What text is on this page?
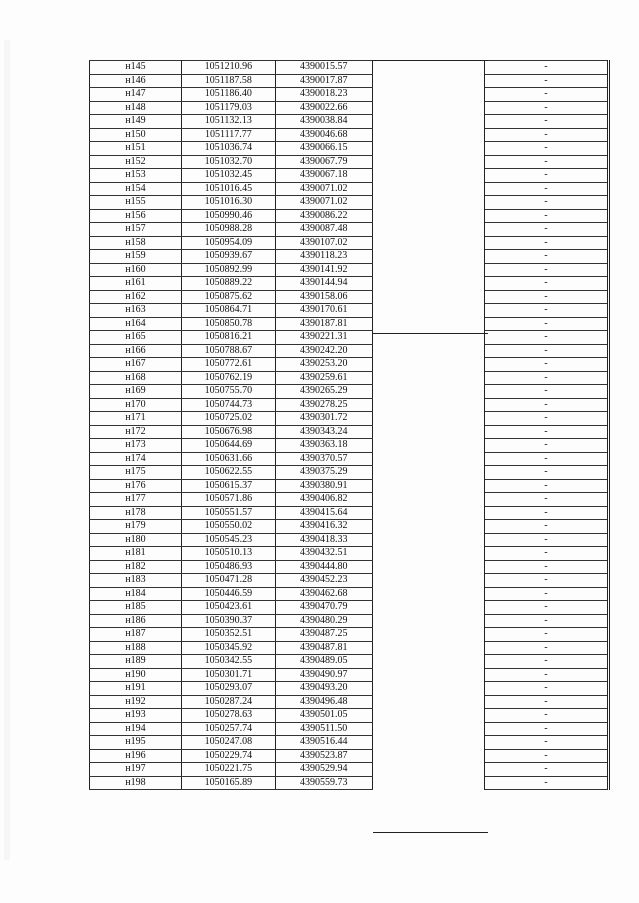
н145	1051210.96	4390015.57		-
н146	1051187.58	4390017.87		-
н147	1051186.40	4390018.23		-
н148	1051179.03	4390022.66		-
н149	1051132.13	4390038.84		-
н150	1051117.77	4390046.68		-
н151	1051036.74	4390066.15		-
н152	1051032.70	4390067.79		-
н153	1051032.45	4390067.18		-
н154	1051016.45	4390071.02		-
н155	1051016.30	4390071.02		-
н156	1050990.46	4390086.22		-
н157	1050988.28	4390087.48		-
н158	1050954.09	4390107.02		-
н159	1050939.67	4390118.23		-
н160	1050892.99	4390141.92		-
н161	1050889.22	4390144.94		-
н162	1050875.62	4390158.06		-
н163	1050864.71	4390170.61		-
н164	1050850.78	4390187.81		-
н165	1050816.21	4390221.31		-
н166	1050788.67	4390242.20		-
н167	1050772.61	4390253.20		-
н168	1050762.19	4390259.61		-
н169	1050755.70	4390265.29		-
н170	1050744.73	4390278.25		-
н171	1050725.02	4390301.72		-
н172	1050676.98	4390343.24		-
н173	1050644.69	4390363.18		-
н174	1050631.66	4390370.57		-
н175	1050622.55	4390375.29		-
н176	1050615.37	4390380.91		-
н177	1050571.86	4390406.82		-
н178	1050551.57	4390415.64		-
н179	1050550.02	4390416.32		-
н180	1050545.23	4390418.33		-
н181	1050510.13	4390432.51		-
н182	1050486.93	4390444.80		-
н183	1050471.28	4390452.23		-
н184	1050446.59	4390462.68		-
н185	1050423.61	4390470.79		-
н186	1050390.37	4390480.29		-
н187	1050352.51	4390487.25		-
н188	1050345.92	4390487.81		-
н189	1050342.55	4390489.05		-
н190	1050301.71	4390490.97		-
н191	1050293.07	4390493.20		-
н192	1050287.24	4390496.48		-
н193	1050278.63	4390501.05		-
н194	1050257.74	4390511.50		-
н195	1050247.08	4390516.44		-
н196	1050229.74	4390523.87		-
н197	1050221.75	4390529.94		-
н198	1050165.89	4390559.73		-
